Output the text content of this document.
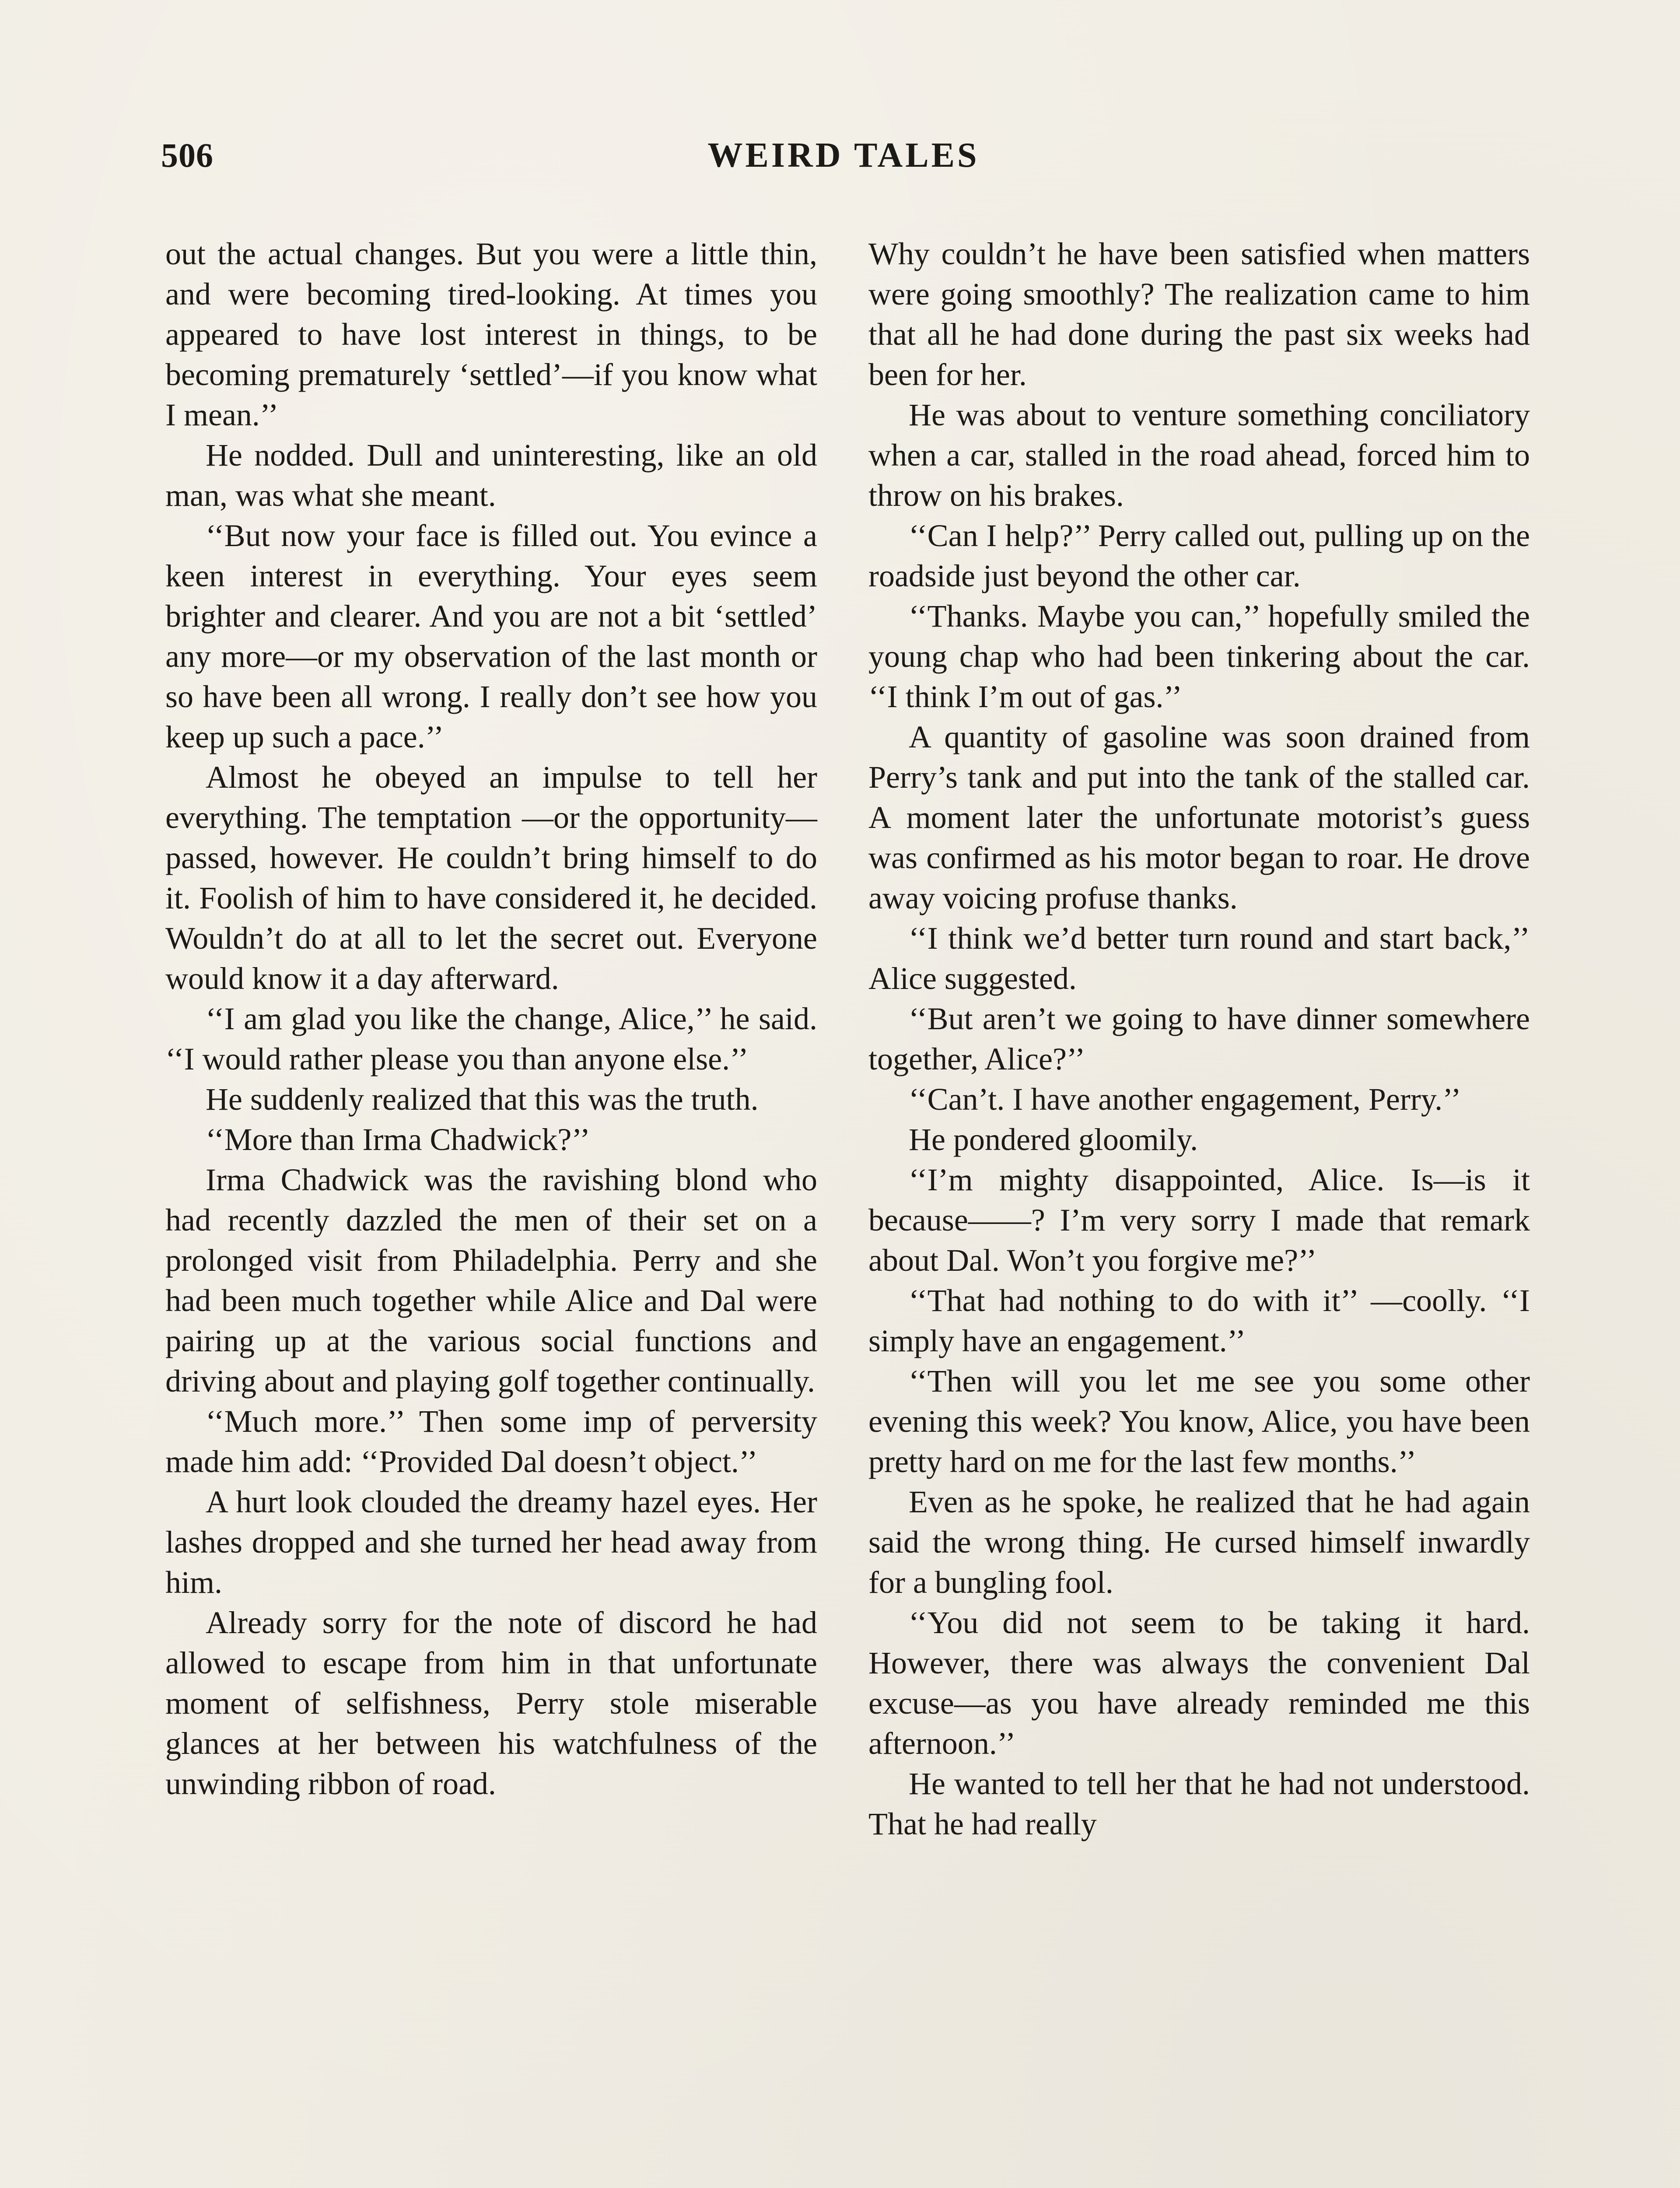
506	WEIRD TALES

out the actual changes. But you were a little thin, and were becoming tired-looking. At times you appeared to have lost interest in things, to be becoming prematurely ‘settled’—if you know what I mean.’’

He nodded. Dull and uninteresting, like an old man, was what she meant.

‘‘But now your face is filled out. You evince a keen interest in everything. Your eyes seem brighter and clearer. And you are not a bit ‘settled’ any more—or my observation of the last month or so have been all wrong. I really don’t see how you keep up such a pace.’’

Almost he obeyed an impulse to tell her everything. The temptation —or the opportunity—passed, however. He couldn’t bring himself to do it. Foolish of him to have considered it, he decided. Wouldn’t do at all to let the secret out. Everyone would know it a day afterward.

‘‘I am glad you like the change, Alice,’’ he said. ‘‘I would rather please you than anyone else.’’

He suddenly realized that this was the truth.

‘‘More than Irma Chadwick?’’

Irma Chadwick was the ravishing blond who had recently dazzled the men of their set on a prolonged visit from Philadelphia. Perry and she had been much together while Alice and Dal were pairing up at the various social functions and driving about and playing golf together continually.

‘‘Much more.’’ Then some imp of perversity made him add: ‘‘Provided Dal doesn’t object.’’

A hurt look clouded the dreamy hazel eyes. Her lashes dropped and she turned her head away from him.

Already sorry for the note of discord he had allowed to escape from him in that unfortunate moment of selfishness, Perry stole miserable glances at her between his watchfulness of the unwinding ribbon of road.

Why couldn’t he have been satisfied when matters were going smoothly? The realization came to him that all he had done during the past six weeks had been for her.

He was about to venture something conciliatory when a car, stalled in the road ahead, forced him to throw on his brakes.

‘‘Can I help?’’ Perry called out, pulling up on the roadside just beyond the other car.

‘‘Thanks. Maybe you can,’’ hopefully smiled the young chap who had been tinkering about the car. ‘‘I think I’m out of gas.’’

A quantity of gasoline was soon drained from Perry’s tank and put into the tank of the stalled car. A moment later the unfortunate motorist’s guess was confirmed as his motor began to roar. He drove away voicing profuse thanks.

‘‘I think we’d better turn round and start back,’’ Alice suggested.

‘‘But aren’t we going to have dinner somewhere together, Alice?’’

‘‘Can’t. I have another engagement, Perry.’’

He pondered gloomily.

‘‘I’m mighty disappointed, Alice. Is—is it because——? I’m very sorry I made that remark about Dal. Won’t you forgive me?’’

‘‘That had nothing to do with it’’ —coolly. ‘‘I simply have an engagement.’’

‘‘Then will you let me see you some other evening this week? You know, Alice, you have been pretty hard on me for the last few months.’’

Even as he spoke, he realized that he had again said the wrong thing. He cursed himself inwardly for a bungling fool.

‘‘You did not seem to be taking it hard. However, there was always the convenient Dal excuse—as you have already reminded me this afternoon.’’

He wanted to tell her that he had not understood. That he had really
